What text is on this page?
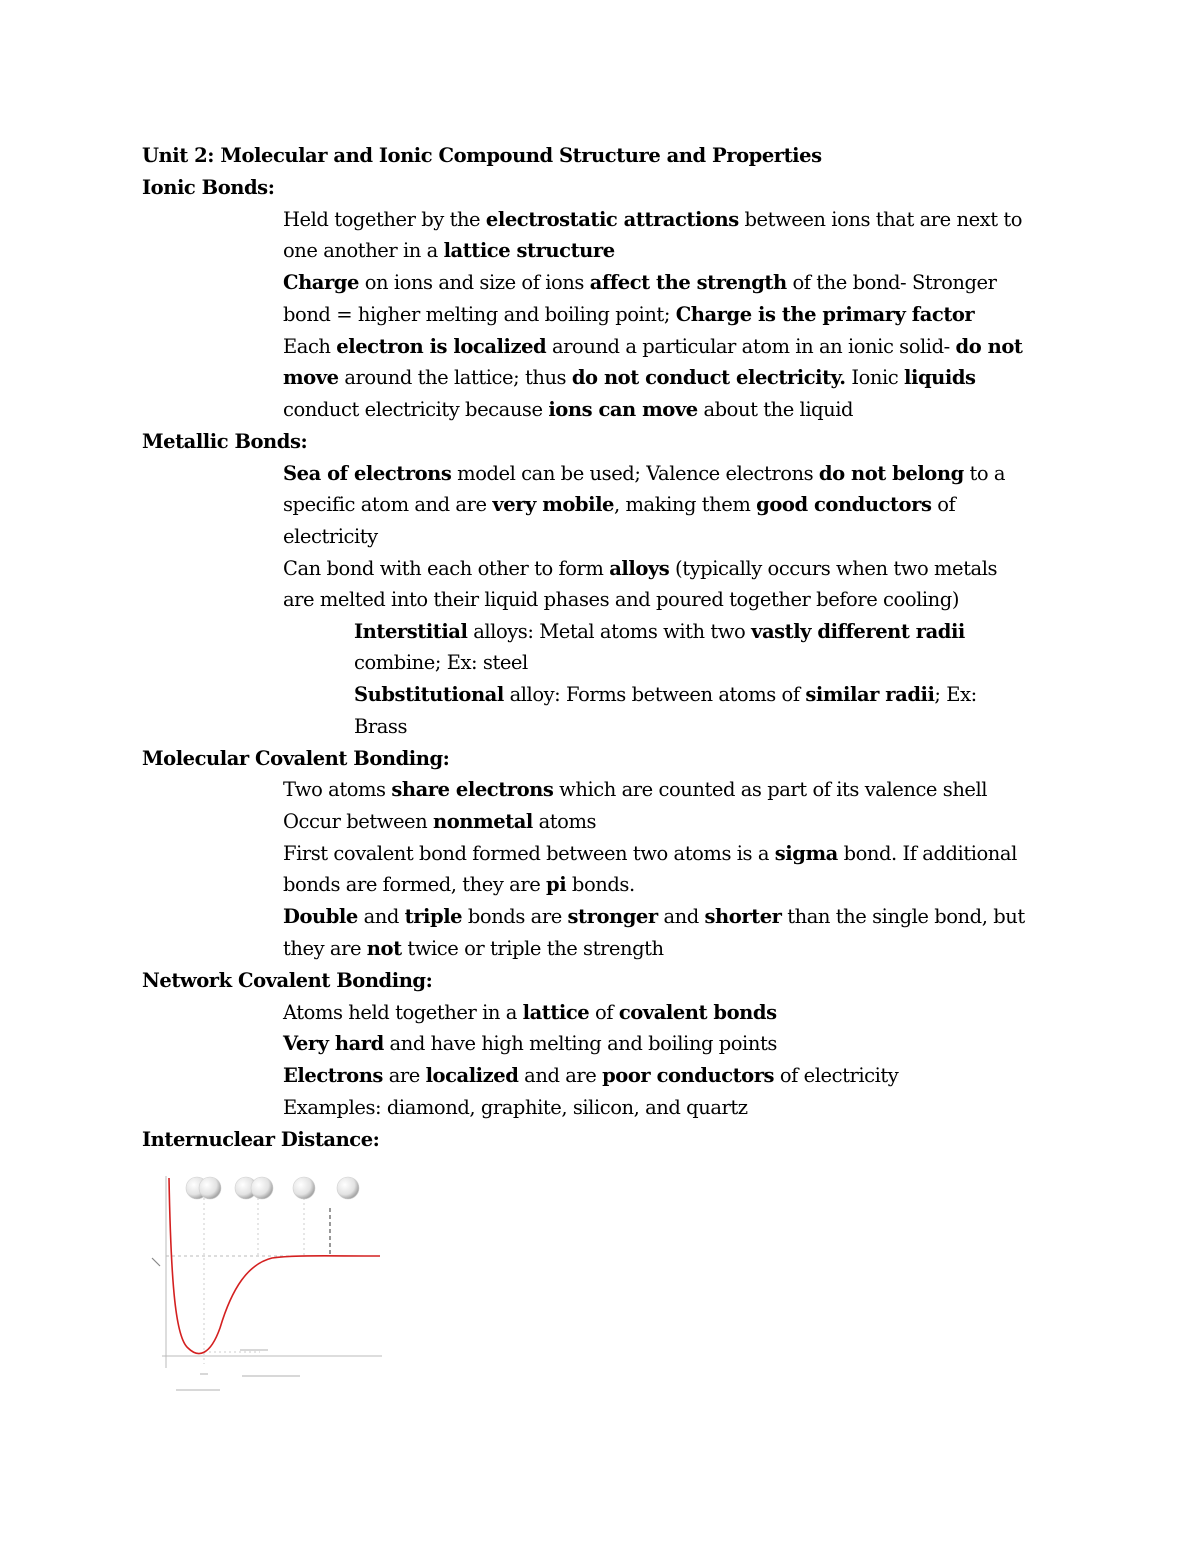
Unit 2: Molecular and Ionic Compound Structure and Properties
Ionic Bonds:
Held together by the electrostatic attractions between ions that are next to
one another in a lattice structure
Charge on ions and size of ions affect the strength of the bond- Stronger
bond = higher melting and boiling point; Charge is the primary factor
Each electron is localized around a particular atom in an ionic solid- do not
move around the lattice; thus do not conduct electricity. Ionic liquids
conduct electricity because ions can move about the liquid
Metallic Bonds:
Sea of electrons model can be used; Valence electrons do not belong to a
specific atom and are very mobile, making them good conductors of
electricity
Can bond with each other to form alloys (typically occurs when two metals
are melted into their liquid phases and poured together before cooling)
Interstitial alloys: Metal atoms with two vastly different radii
combine; Ex: steel
Substitutional alloy: Forms between atoms of similar radii; Ex:
Brass
Molecular Covalent Bonding:
Two atoms share electrons which are counted as part of its valence shell
Occur between nonmetal atoms
First covalent bond formed between two atoms is a sigma bond. If additional
bonds are formed, they are pi bonds.
Double and triple bonds are stronger and shorter than the single bond, but
they are not twice or triple the strength
Network Covalent Bonding:
Atoms held together in a lattice of covalent bonds
Very hard and have high melting and boiling points
Electrons are localized and are poor conductors of electricity
Examples: diamond, graphite, silicon, and quartz
Internuclear Distance:
